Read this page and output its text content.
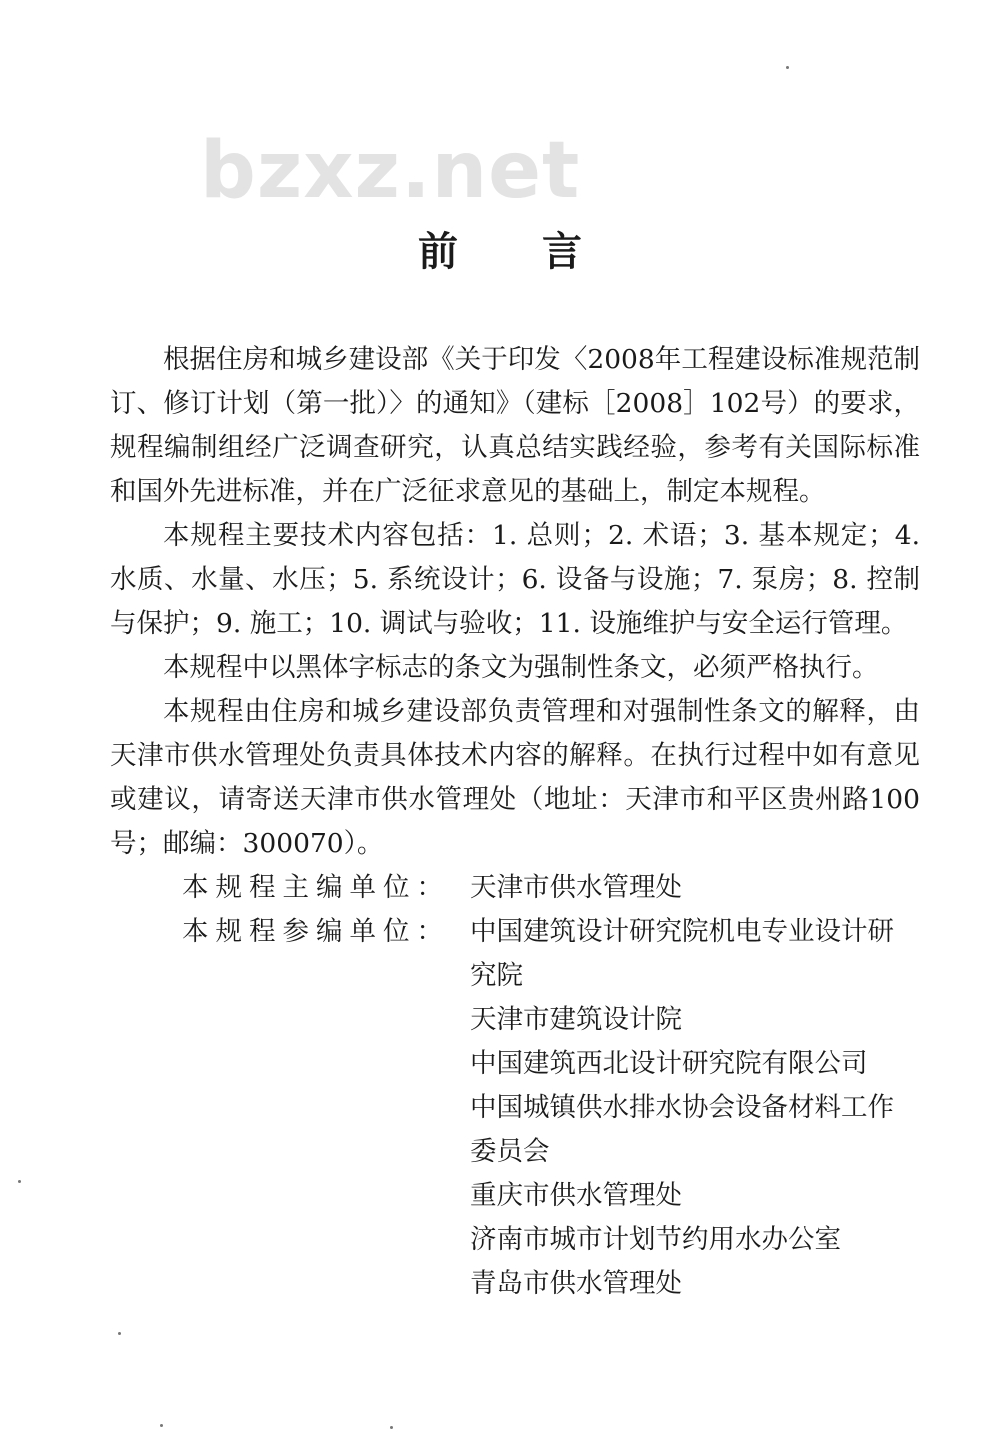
bzxz.net
前 言

根据住房和城乡建设部《关于印发〈2008年工程建设标准规范制订、修订计划（第一批）〉的通知》（建标［2008］102号）的要求，规程编制组经广泛调查研究，认真总结实践经验，参考有关国际标准和国外先进标准，并在广泛征求意见的基础上，制定本规程。

本规程主要技术内容包括：1. 总则；2. 术语；3. 基本规定；4. 水质、水量、水压；5. 系统设计；6. 设备与设施；7. 泵房；8. 控制与保护；9. 施工；10. 调试与验收；11. 设施维护与安全运行管理。

本规程中以黑体字标志的条文为强制性条文，必须严格执行。

本规程由住房和城乡建设部负责管理和对强制性条文的解释，由天津市供水管理处负责具体技术内容的解释。在执行过程中如有意见或建议，请寄送天津市供水管理处（地址：天津市和平区贵州路100号；邮编：300070）。

本规程主编单位： 天津市供水管理处
本规程参编单位： 中国建筑设计研究院机电专业设计研究院
天津市建筑设计院
中国建筑西北设计研究院有限公司
中国城镇供水排水协会设备材料工作委员会
重庆市供水管理处
济南市城市计划节约用水办公室
青岛市供水管理处
